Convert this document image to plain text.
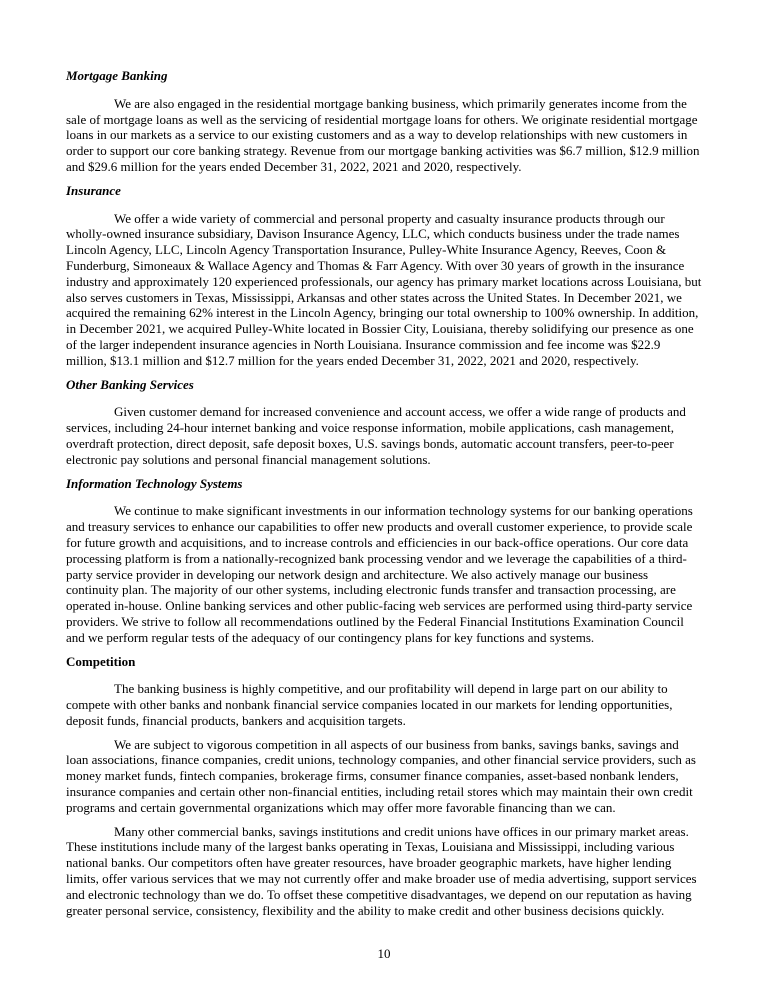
Mortgage Banking

We are also engaged in the residential mortgage banking business, which primarily generates income from the sale of mortgage loans as well as the servicing of residential mortgage loans for others. We originate residential mortgage loans in our markets as a service to our existing customers and as a way to develop relationships with new customers in order to support our core banking strategy. Revenue from our mortgage banking activities was $6.7 million, $12.9 million and $29.6 million for the years ended December 31, 2022, 2021 and 2020, respectively.

Insurance

We offer a wide variety of commercial and personal property and casualty insurance products through our wholly-owned insurance subsidiary, Davison Insurance Agency, LLC, which conducts business under the trade names Lincoln Agency, LLC, Lincoln Agency Transportation Insurance, Pulley-White Insurance Agency, Reeves, Coon & Funderburg, Simoneaux & Wallace Agency and Thomas & Farr Agency. With over 30 years of growth in the insurance industry and approximately 120 experienced professionals, our agency has primary market locations across Louisiana, but also serves customers in Texas, Mississippi, Arkansas and other states across the United States. In December 2021, we acquired the remaining 62% interest in the Lincoln Agency, bringing our total ownership to 100% ownership. In addition, in December 2021, we acquired Pulley-White located in Bossier City, Louisiana, thereby solidifying our presence as one of the larger independent insurance agencies in North Louisiana. Insurance commission and fee income was $22.9 million, $13.1 million and $12.7 million for the years ended December 31, 2022, 2021 and 2020, respectively.

Other Banking Services

Given customer demand for increased convenience and account access, we offer a wide range of products and services, including 24-hour internet banking and voice response information, mobile applications, cash management, overdraft protection, direct deposit, safe deposit boxes, U.S. savings bonds, automatic account transfers, peer-to-peer electronic pay solutions and personal financial management solutions.

Information Technology Systems

We continue to make significant investments in our information technology systems for our banking operations and treasury services to enhance our capabilities to offer new products and overall customer experience, to provide scale for future growth and acquisitions, and to increase controls and efficiencies in our back-office operations. Our core data processing platform is from a nationally-recognized bank processing vendor and we leverage the capabilities of a third-party service provider in developing our network design and architecture. We also actively manage our business continuity plan. The majority of our other systems, including electronic funds transfer and transaction processing, are operated in-house. Online banking services and other public-facing web services are performed using third-party service providers. We strive to follow all recommendations outlined by the Federal Financial Institutions Examination Council and we perform regular tests of the adequacy of our contingency plans for key functions and systems.

Competition

The banking business is highly competitive, and our profitability will depend in large part on our ability to compete with other banks and nonbank financial service companies located in our markets for lending opportunities, deposit funds, financial products, bankers and acquisition targets.

We are subject to vigorous competition in all aspects of our business from banks, savings banks, savings and loan associations, finance companies, credit unions, technology companies, and other financial service providers, such as money market funds, fintech companies, brokerage firms, consumer finance companies, asset-based nonbank lenders, insurance companies and certain other non-financial entities, including retail stores which may maintain their own credit programs and certain governmental organizations which may offer more favorable financing than we can.

Many other commercial banks, savings institutions and credit unions have offices in our primary market areas. These institutions include many of the largest banks operating in Texas, Louisiana and Mississippi, including various national banks. Our competitors often have greater resources, have broader geographic markets, have higher lending limits, offer various services that we may not currently offer and make broader use of media advertising, support services and electronic technology than we do. To offset these competitive disadvantages, we depend on our reputation as having greater personal service, consistency, flexibility and the ability to make credit and other business decisions quickly.

10
